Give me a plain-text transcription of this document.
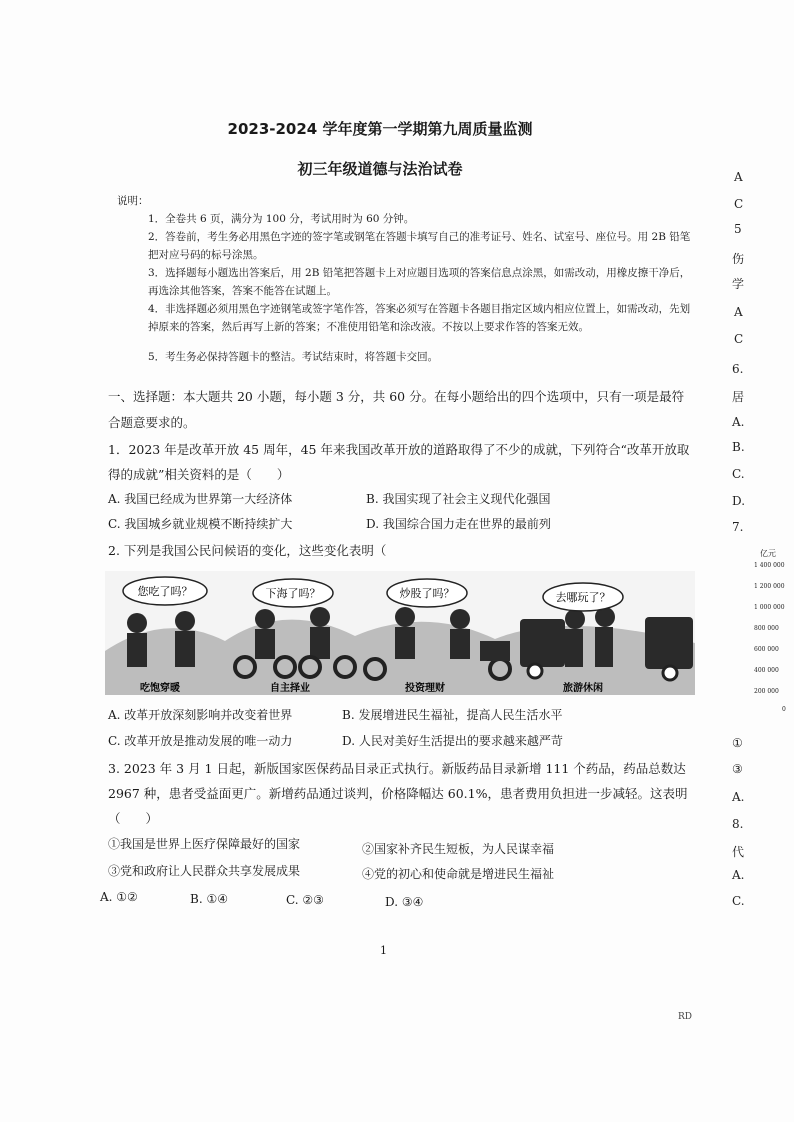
2023-2024 学年度第一学期第九周质量监测
初三年级道德与法治试卷
说明：
1．全卷共 6 页，满分为 100 分，考试用时为 60 分钟。
2．答卷前，考生务必用黑色字迹的签字笔或钢笔在答题卡填写自己的准考证号、姓名、试室号、座位号。用 2B 铅笔把对应号码的标号涂黑。
3．选择题每小题选出答案后，用 2B 铅笔把答题卡上对应题目选项的答案信息点涂黑，如需改动，用橡皮擦干净后，再选涂其他答案，答案不能答在试题上。
4．非选择题必须用黑色字迹钢笔或签字笔作答，答案必须写在答题卡各题目指定区域内相应位置上，如需改动，先划掉原来的答案，然后再写上新的答案；不准使用铅笔和涂改液。不按以上要求作答的答案无效。
5．考生务必保持答题卡的整洁。考试结束时，将答题卡交回。
一、选择题：本大题共 20 小题，每小题 3 分，共 60 分。在每小题给出的四个选项中，只有一项是最符合题意要求的。
1．2023 年是改革开放 45 周年，45 年来我国改革开放的道路取得了不少的成就，下列符合“改革开放取得的成就”相关资料的是（　　）
A. 我国已经成为世界第一大经济体	B. 我国实现了社会主义现代化强国
C. 我国城乡就业规模不断持续扩大	D. 我国综合国力走在世界的最前列
2. 下列是我国公民问候语的变化，这些变化表明（
您吃了吗？	下海了吗？	炒股了吗？	去哪玩了？
吃饱穿暖	自主择业	投资理财	旅游休闲
A. 改革开放深刻影响并改变着世界	B. 发展增进民生福祉，提高人民生活水平
C. 改革开放是推动发展的唯一动力	D. 人民对美好生活提出的要求越来越严苛
3. 2023 年 3 月 1 日起，新版国家医保药品目录正式执行。新版药品目录新增 111 个药品，药品总数达 2967 种，患者受益面更广。新增药品通过谈判，价格降幅达 60.1%，患者费用负担进一步减轻。这表明（　　）
①我国是世界上医疗保障最好的国家	②国家补齐民生短板，为人民谋幸福
③党和政府让人民群众共享发展成果	④党的初心和使命就是增进民生福祉
A. ①②	B. ①④	C. ②③	D. ③④
1
RD
A
C
5
伤
学
A
C
6.
居
A.
B.
C.
D.
7.
亿元
1 400 000
1 200 000
1 000 000
800 000
600 000
400 000
200 000
0
①
③
A.
8.
代
A.
C.
